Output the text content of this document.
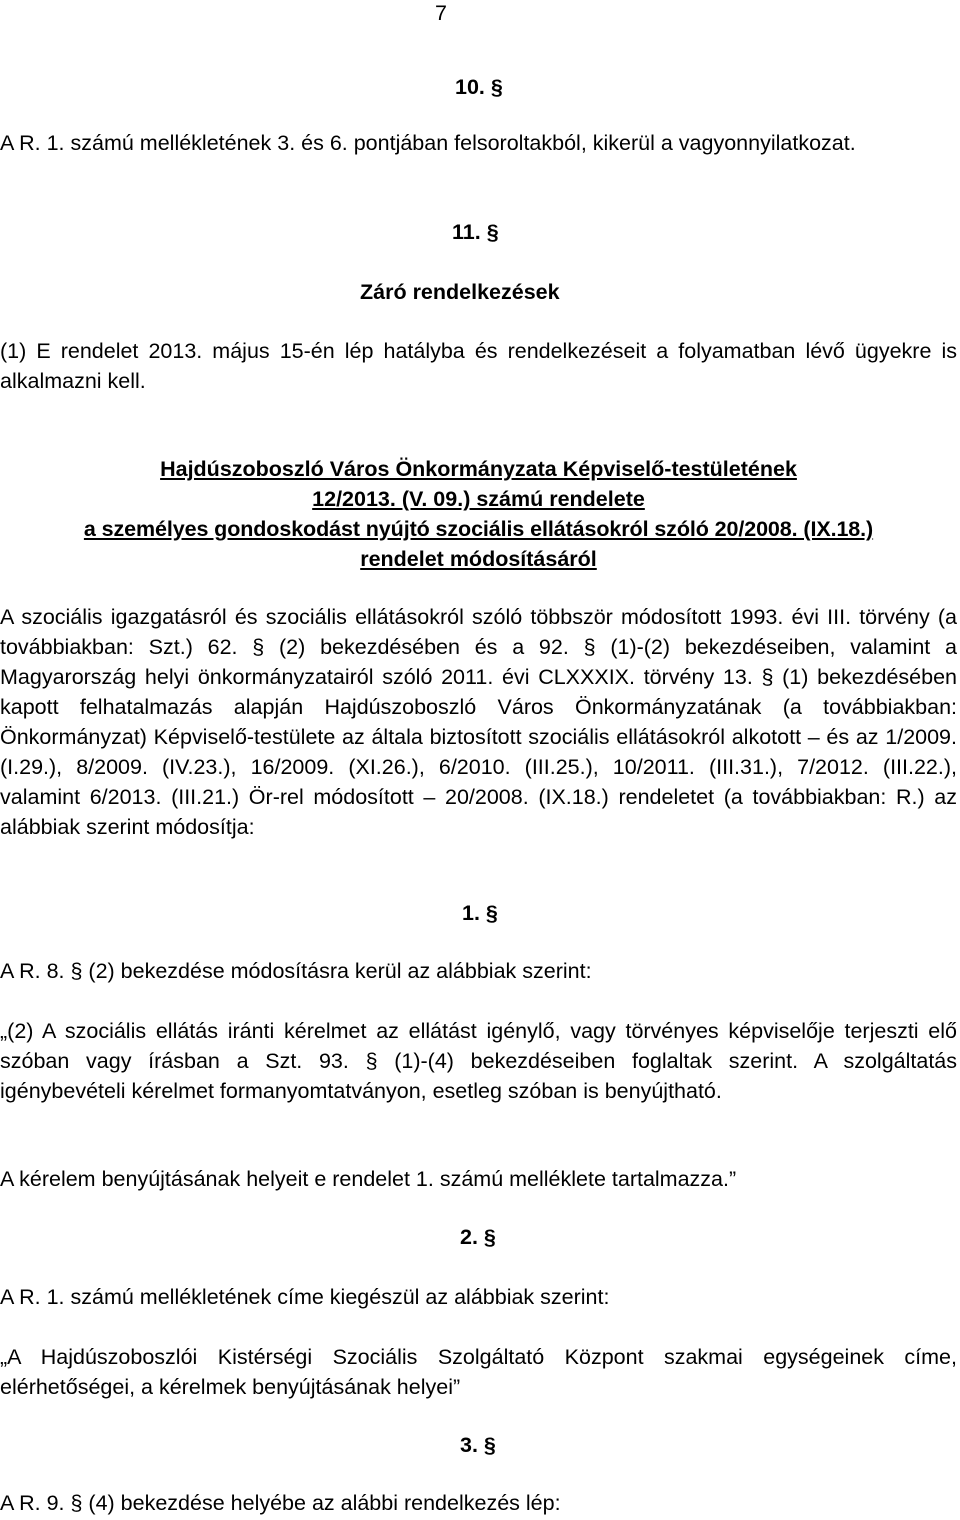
7
10. §

A R. 1. számú mellékletének 3. és 6. pontjában felsoroltakból, kikerül a vagyonnyilatkozat.

11. §
Záró rendelkezések

(1) E rendelet 2013. május 15-én lép hatályba és rendelkezéseit a folyamatban lévő ügyekre is alkalmazni kell.

Hajdúszoboszló Város Önkormányzata Képviselő-testületének
12/2013. (V. 09.) számú rendelete
a személyes gondoskodást nyújtó szociális ellátásokról szóló 20/2008. (IX.18.)
rendelet módosításáról

A szociális igazgatásról és szociális ellátásokról szóló többször módosított 1993. évi III. törvény (a továbbiakban: Szt.) 62. § (2) bekezdésében és a 92. § (1)-(2) bekezdéseiben, valamint a Magyarország helyi önkormányzatairól szóló 2011. évi CLXXXIX. törvény 13. § (1) bekezdésében kapott felhatalmazás alapján Hajdúszoboszló Város Önkormányzatának (a továbbiakban: Önkormányzat) Képviselő-testülete az általa biztosított szociális ellátásokról alkotott – és az 1/2009. (I.29.), 8/2009. (IV.23.), 16/2009. (XI.26.), 6/2010. (III.25.), 10/2011. (III.31.), 7/2012. (III.22.), valamint 6/2013. (III.21.) Ör-rel módosított – 20/2008. (IX.18.) rendeletet (a továbbiakban: R.) az alábbiak szerint módosítja:

1. §

A R. 8. § (2) bekezdése módosításra kerül az alábbiak szerint:

„(2) A szociális ellátás iránti kérelmet az ellátást igénylő, vagy törvényes képviselője terjeszti elő szóban vagy írásban a Szt. 93. § (1)-(4) bekezdéseiben foglaltak szerint. A szolgáltatás igénybevételi kérelmet formanyomtatványon, esetleg szóban is benyújtható.

A kérelem benyújtásának helyeit e rendelet 1. számú melléklete tartalmazza.”

2. §

A R. 1. számú mellékletének címe kiegészül az alábbiak szerint:

„A Hajdúszoboszlói Kistérségi Szociális Szolgáltató Központ szakmai egységeinek címe, elérhetőségei, a kérelmek benyújtásának helyei”

3. §

A R. 9. § (4) bekezdése helyébe az alábbi rendelkezés lép:
